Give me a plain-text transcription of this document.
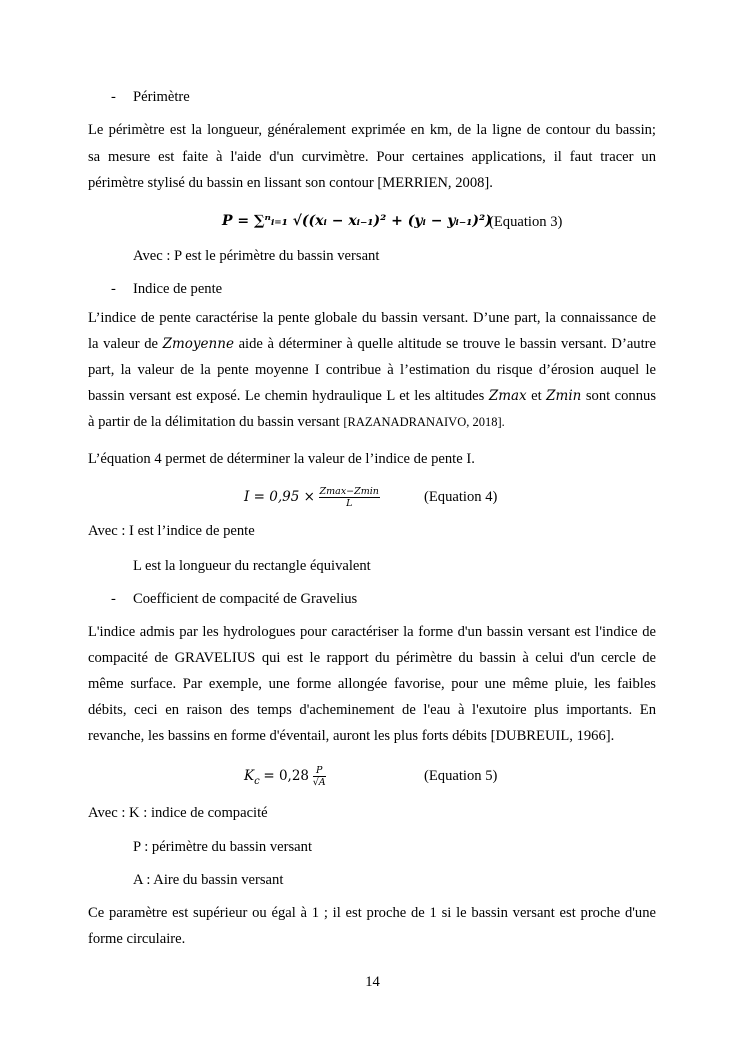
- Périmètre
Le périmètre est la longueur, généralement exprimée en km, de la ligne de contour du bassin;
sa mesure est faite à l'aide d'un curvimètre. Pour certaines applications, il faut tracer un
périmètre stylisé du bassin en lissant son contour [MERRIEN, 2008].
P = ∑ⁿᵢ₌₁ √((xᵢ − xᵢ₋₁)² + (yᵢ − yᵢ₋₁)²)
(Equation 3)
Avec : P est le périmètre du bassin versant
- Indice de pente
L’indice de pente caractérise la pente globale du bassin versant. D’une part, la connaissance de
la valeur de Zmoyenne aide à déterminer à quelle altitude se trouve le bassin versant. D’autre
part, la valeur de la pente moyenne I contribue à l’estimation du risque d’érosion auquel le
bassin versant est exposé. Le chemin hydraulique L et les altitudes Zmax et Zmin sont connus
à partir de la délimitation du bassin versant [RAZANADRANAIVO, 2018].
L’équation 4 permet de déterminer la valeur de l’indice de pente I.
$I = 0,95 \times \frac{Zmax-Zmin}{L}$	(Equation 4)
Avec : I est l’indice de pente
L est la longueur du rectangle équivalent
- Coefficient de compacité de Gravelius
L'indice admis par les hydrologues pour caractériser la forme d'un bassin versant est l'indice de
compacité de GRAVELIUS qui est le rapport du périmètre du bassin à celui d'un cercle de
même surface. Par exemple, une forme allongée favorise, pour une même pluie, les faibles
débits, ceci en raison des temps d'acheminement de l'eau à l'exutoire plus importants. En
revanche, les bassins en forme d'éventail, auront les plus forts débits [DUBREUIL, 1966].
$K_c = 0,28 \frac{P}{√A}$	(Equation 5)
Avec : K : indice de compacité
P : périmètre du bassin versant
A : Aire du bassin versant
Ce paramètre est supérieur ou égal à 1 ; il est proche de 1 si le bassin versant est proche d'une
forme circulaire.
14
